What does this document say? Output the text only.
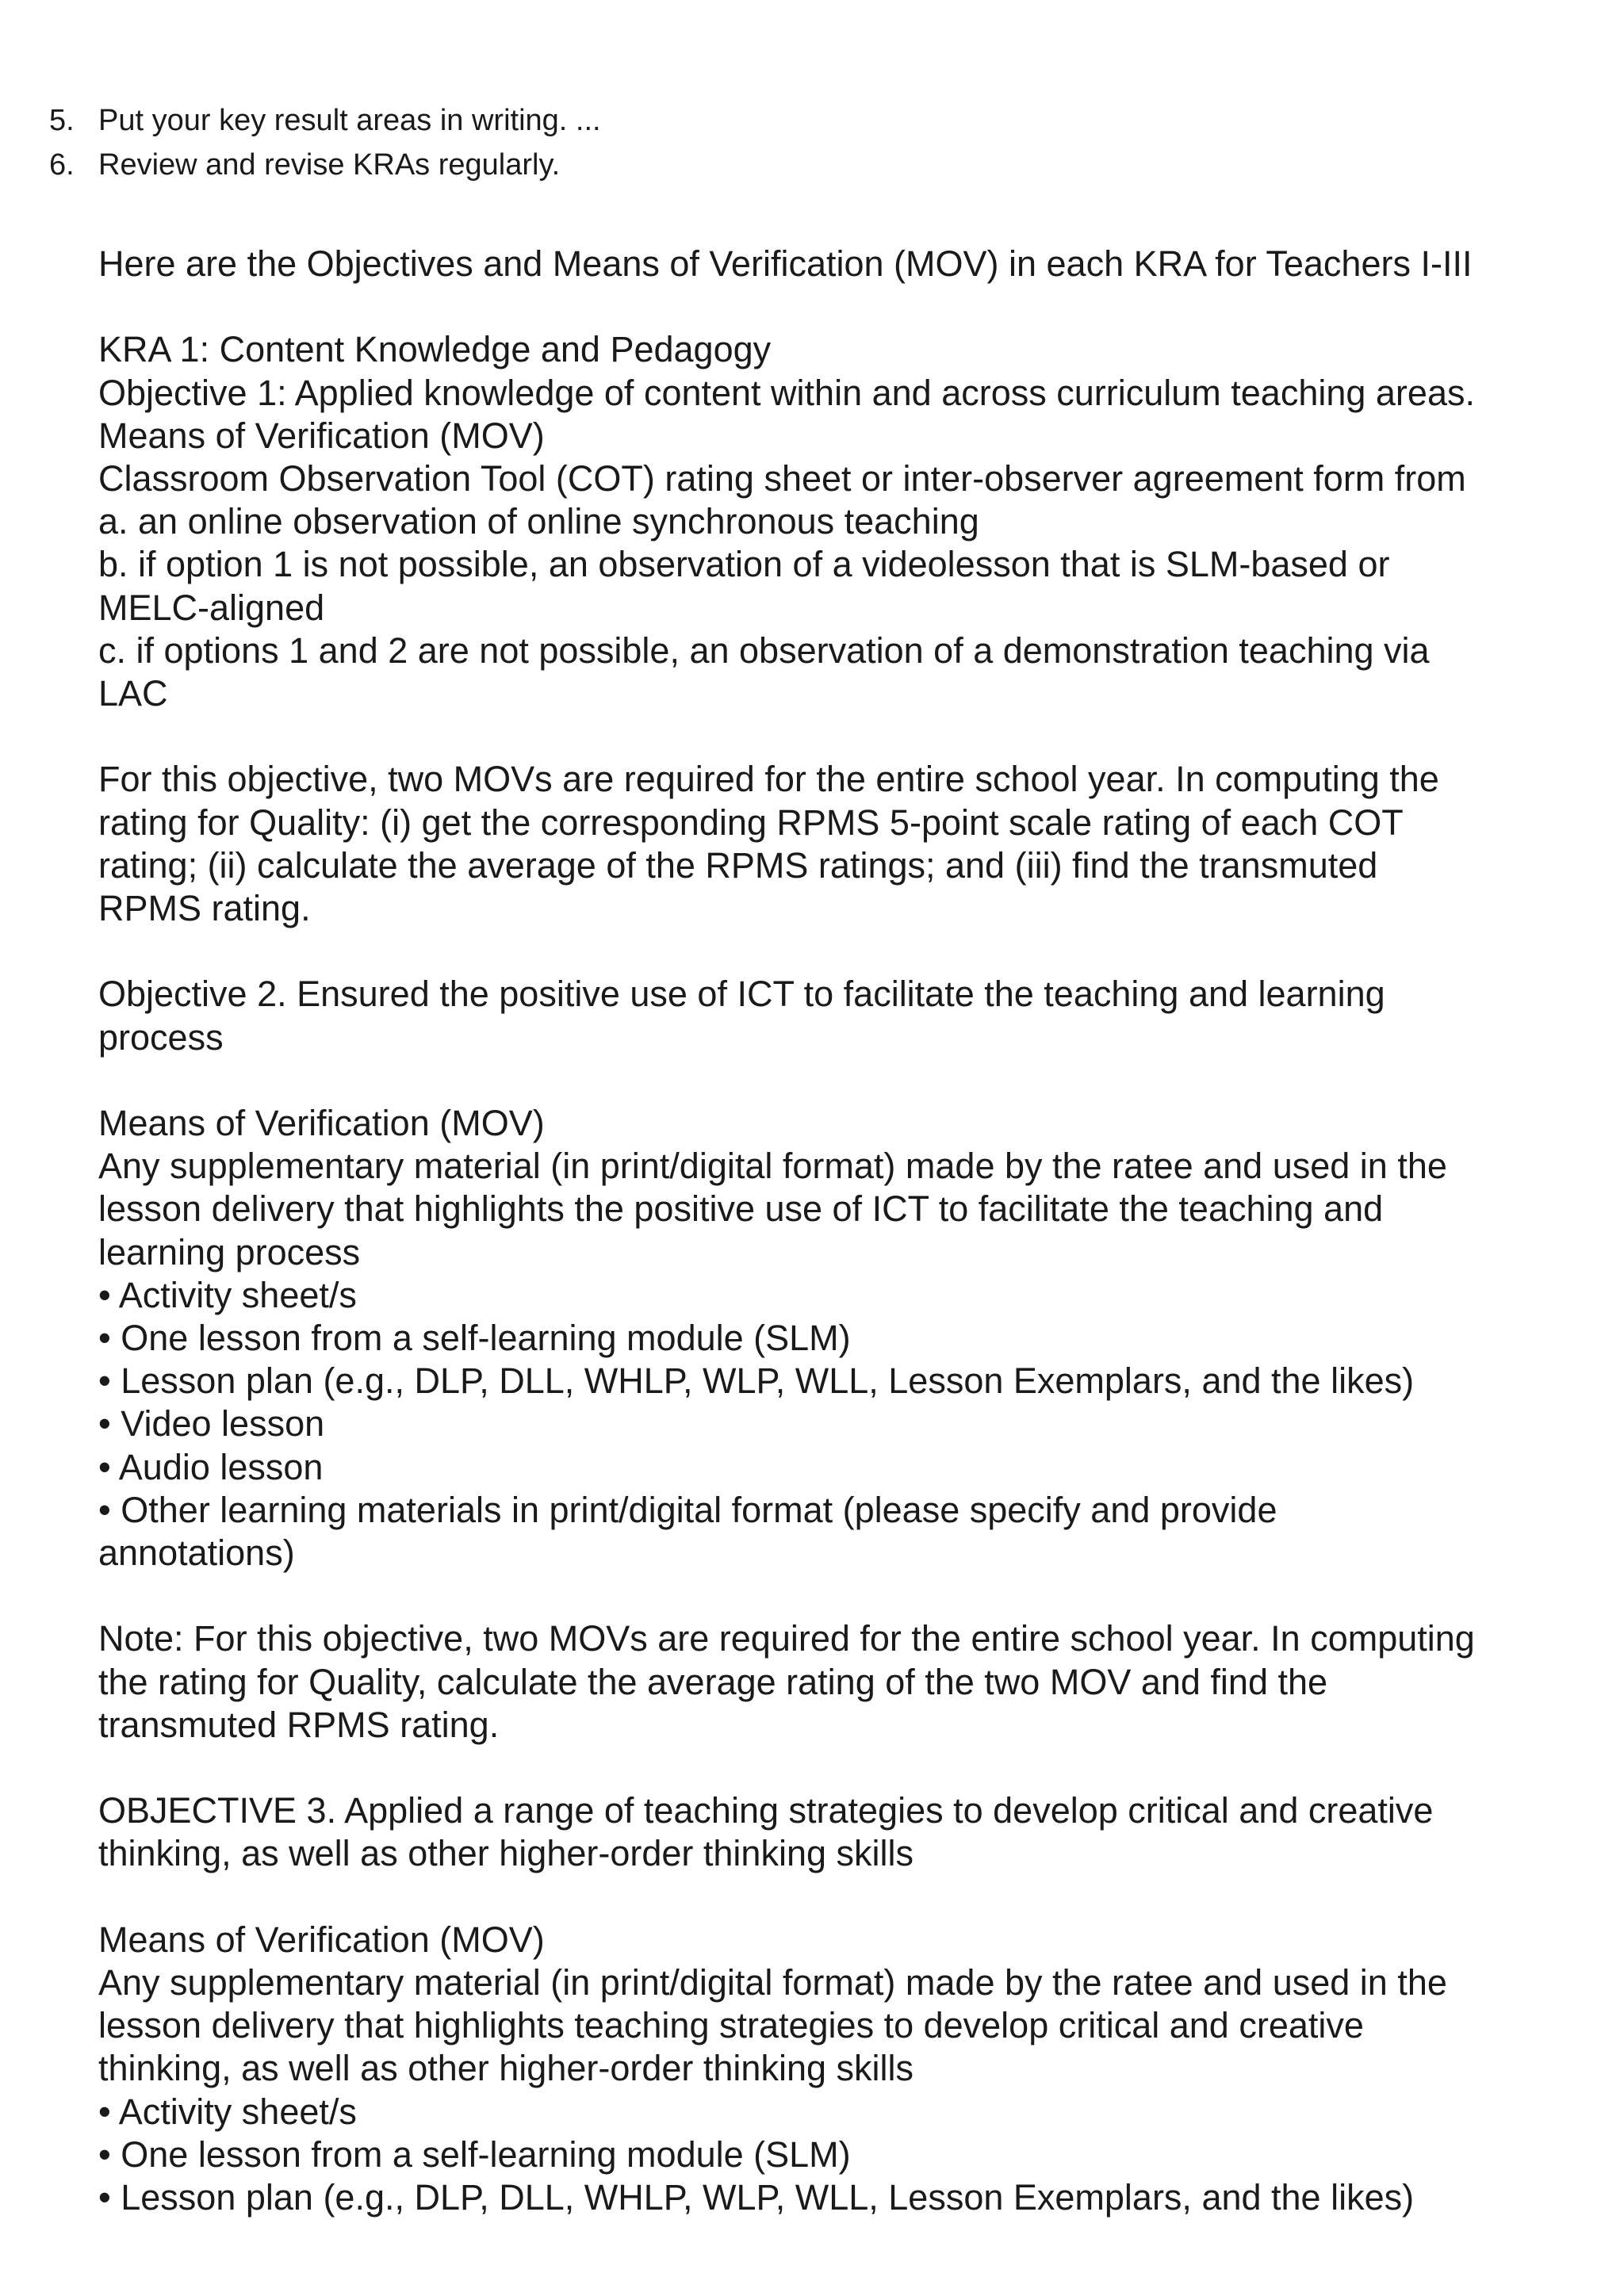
5. Put your key result areas in writing. ...
6. Review and revise KRAs regularly.
Here are the Objectives and Means of Verification (MOV) in each KRA for Teachers I-III
KRA 1: Content Knowledge and Pedagogy
Objective 1: Applied knowledge of content within and across curriculum teaching areas.
Means of Verification (MOV)
Classroom Observation Tool (COT) rating sheet or inter-observer agreement form from
a. an online observation of online synchronous teaching
b. if option 1 is not possible, an observation of a videolesson that is SLM-based or
MELC-aligned
c. if options 1 and 2 are not possible, an observation of a demonstration teaching via
LAC
For this objective, two MOVs are required for the entire school year. In computing the
rating for Quality: (i) get the corresponding RPMS 5-point scale rating of each COT
rating; (ii) calculate the average of the RPMS ratings; and (iii) find the transmuted
RPMS rating.
Objective 2. Ensured the positive use of ICT to facilitate the teaching and learning
process
Means of Verification (MOV)
Any supplementary material (in print/digital format) made by the ratee and used in the
lesson delivery that highlights the positive use of ICT to facilitate the teaching and
learning process
• Activity sheet/s
• One lesson from a self-learning module (SLM)
• Lesson plan (e.g., DLP, DLL, WHLP, WLP, WLL, Lesson Exemplars, and the likes)
• Video lesson
• Audio lesson
• Other learning materials in print/digital format (please specify and provide
annotations)
Note: For this objective, two MOVs are required for the entire school year. In computing
the rating for Quality, calculate the average rating of the two MOV and find the
transmuted RPMS rating.
OBJECTIVE 3. Applied a range of teaching strategies to develop critical and creative
thinking, as well as other higher-order thinking skills
Means of Verification (MOV)
Any supplementary material (in print/digital format) made by the ratee and used in the
lesson delivery that highlights teaching strategies to develop critical and creative
thinking, as well as other higher-order thinking skills
• Activity sheet/s
• One lesson from a self-learning module (SLM)
• Lesson plan (e.g., DLP, DLL, WHLP, WLP, WLL, Lesson Exemplars, and the likes)
